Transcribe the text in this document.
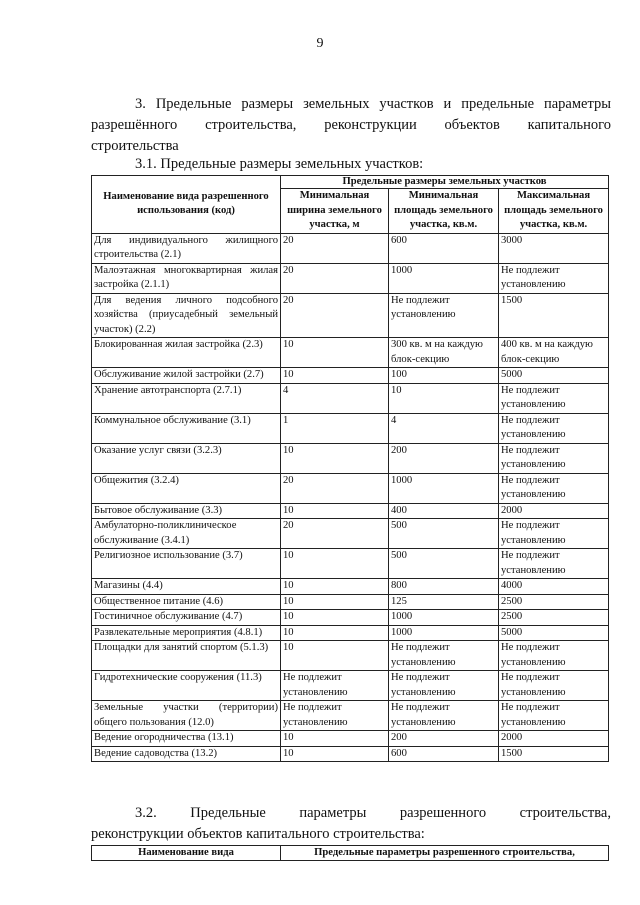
9
3. Предельные размеры земельных участков и предельные параметры
разрешённого строительства, реконструкции объектов капитального
строительства
3.1. Предельные размеры земельных участков:
Наименование вида разрешенного использования (код)	Предельные размеры земельных участков		
	Минимальная ширина земельного участка, м	Минимальная площадь земельного участка, кв.м.	Максимальная площадь земельного участка, кв.м.
Для индивидуального жилищного строительства (2.1)	20	600	3000
Малоэтажная многоквартирная жилая застройка (2.1.1)	20	1000	Не подлежит установлению
Для ведения личного подсобного хозяйства (приусадебный земельный участок) (2.2)	20	Не подлежит установлению	1500
Блокированная жилая застройка (2.3)	10	300 кв. м на каждую блок-секцию	400 кв. м на каждую блок-секцию
Обслуживание жилой застройки (2.7)	10	100	5000
Хранение автотранспорта (2.7.1)	4	10	Не подлежит установлению
Коммунальное обслуживание (3.1)	1	4	Не подлежит установлению
Оказание услуг связи (3.2.3)	10	200	Не подлежит установлению
Общежития (3.2.4)	20	1000	Не подлежит установлению
Бытовое обслуживание (3.3)	10	400	2000
Амбулаторно-поликлиническое обслуживание (3.4.1)	20	500	Не подлежит установлению
Религиозное использование (3.7)	10	500	Не подлежит установлению
Магазины (4.4)	10	800	4000
Общественное питание (4.6)	10	125	2500
Гостиничное обслуживание (4.7)	10	1000	2500
Развлекательные мероприятия (4.8.1)	10	1000	5000
Площадки для занятий спортом (5.1.3)	10	Не подлежит установлению	Не подлежит установлению
Гидротехнические сооружения (11.3)	Не подлежит установлению	Не подлежит установлению	Не подлежит установлению
Земельные участки (территории) общего пользования (12.0)	Не подлежит установлению	Не подлежит установлению	Не подлежит установлению
Ведение огородничества (13.1)	10	200	2000
Ведение садоводства (13.2)	10	600	1500
3.2. Предельные параметры разрешенного строительства,
реконструкции объектов капитального строительства:
Наименование вида	Предельные параметры разрешенного строительства,
